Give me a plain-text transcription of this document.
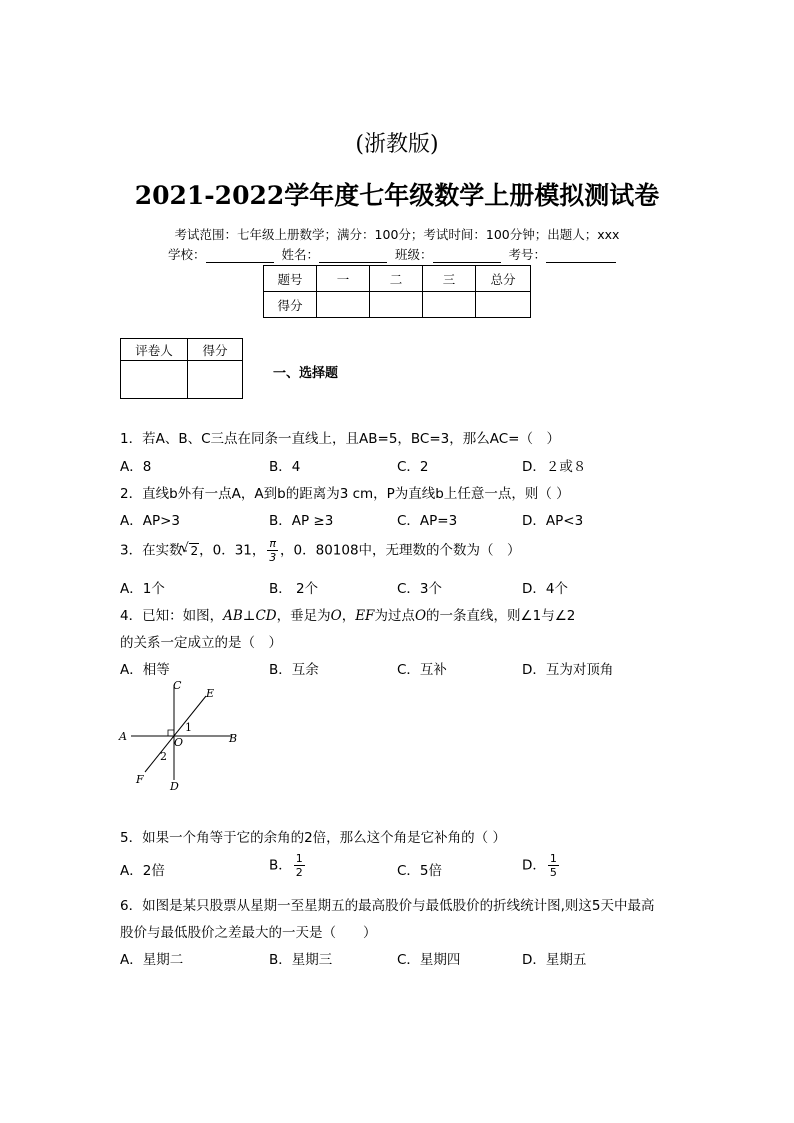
(浙教版)
2021-2022学年度七年级数学上册模拟测试卷
考试范围：七年级上册数学；满分：100分；考试时间：100分钟；出题人；xxx
学校：	姓名：	班级：	考号：
题号	一	二	三	总分
得分				
评卷人	得分

一、选择题
1．若A、B、C三点在同条一直线上，且AB=5，BC=3，那么AC=（　）
A．8	B．4	C．2	D．２或８
2．直线b外有一点A，A到b的距离为3 cm，P为直线b上任意一点，则（ ）
A．AP>3	B．AP ≥3	C．AP=3	D．AP<3
3．在实数- √ 2，0．31， $\frac{\pi}{3}$ ，0．80108中，无理数的个数为（　）
A．1个	B． 2个	C．3个	D．4个
4．已知：如图，AB⊥CD，垂足为O，EF为过点O的一条直线，则∠1与∠2
的关系一定成立的是（　）
A．相等	B．互余	C．互补	D．互为对顶角
A	B
C
D
E
F
O
1
2
5．如果一个角等于它的余角的2倍，那么这个角是它补角的（ ）
A．2倍	B． $\frac{1}{2}$	C．5倍	D． $\frac{1}{5}$
6．如图是某只股票从星期一至星期五的最高股价与最低股价的折线统计图,则这5天中最高
股价与最低股价之差最大的一天是（　　）
A．星期二	B．星期三	C．星期四	D．星期五
